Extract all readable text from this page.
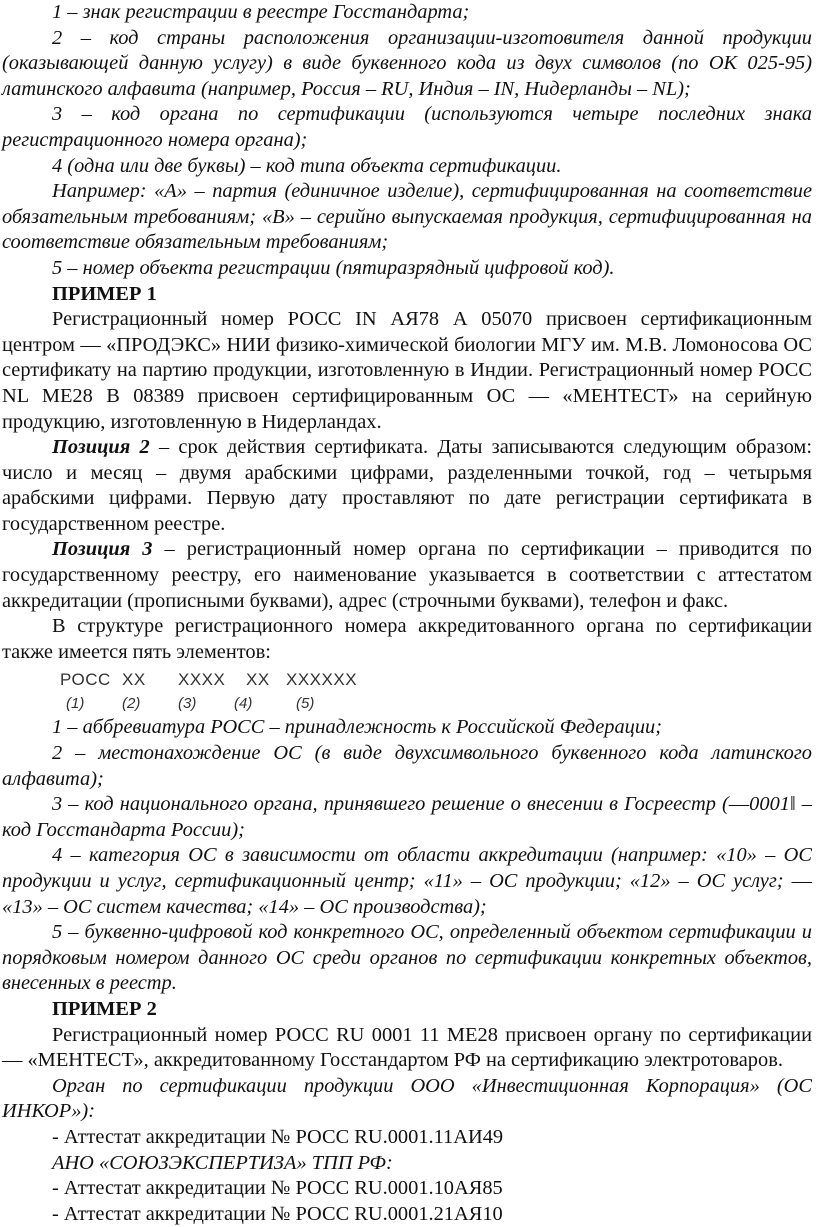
1 – знак регистрации в реестре Госстандарта;

2 – код страны расположения организации-изготовителя данной продукции (оказывающей данную услугу) в виде буквенного кода из двух символов (по ОК 025-95) латинского алфавита (например, Россия – RU, Индия – IN, Нидерланды – NL);

3 – код органа по сертификации (используются четыре последних знака регистрационного номера органа);

4 (одна или две буквы) – код типа объекта сертификации.

Например: «А» – партия (единичное изделие), сертифицированная на соответствие обязательным требованиям; «В» – серийно выпускаемая продукция, сертифицированная на соответствие обязательным требованиям;

5 – номер объекта регистрации (пятиразрядный цифровой код).

ПРИМЕР 1

Регистрационный номер РОСС IN АЯ78 А 05070 присвоен сертификационным центром — «ПРОДЭКС» НИИ физико-химической биологии МГУ им. М.В. Ломоносова ОС сертификату на партию продукции, изготовленную в Индии. Регистрационный номер РОСС NL МЕ28 В 08389 присвоен сертифицированным ОС — «МЕНТЕСТ» на серийную продукцию, изготовленную в Нидерландах.

Позиция 2 – срок действия сертификата. Даты записываются следующим образом: число и месяц – двумя арабскими цифрами, разделенными точкой, год – четырьмя арабскими цифрами. Первую дату проставляют по дате регистрации сертификата в государственном реестре.

Позиция 3 – регистрационный номер органа по сертификации – приводится по государственному реестру, его наименование указывается в соответствии с аттестатом аккредитации (прописными буквами), адрес (строчными буквами), телефон и факс.

В структуре регистрационного номера аккредитованного органа по сертификации также имеется пять элементов:

РОСС XX XXXX XX XXXXXX
(1)	(2)	(3)	(4)	(5)

1 – аббревиатура РОСС – принадлежность к Российской Федерации;

2 – местонахождение ОС (в виде двухсимвольного буквенного кода латинского алфавита);

3 – код национального органа, принявшего решение о внесении в Госреестр (―0001‖ – код Госстандарта России);

4 – категория ОС в зависимости от области аккредитации (например: «10» – ОС продукции и услуг, сертификационный центр; «11» – ОС продукции; «12» – ОС услуг; ― «13» – ОС систем качества; «14» – ОС производства);

5 – буквенно-цифровой код конкретного ОС, определенный объектом сертификации и порядковым номером данного ОС среди органов по сертификации конкретных объектов, внесенных в реестр.

ПРИМЕР 2

Регистрационный номер РОСС RU 0001 11 МЕ28 присвоен органу по сертификации ― «МЕНТЕСТ», аккредитованному Госстандартом РФ на сертификацию электротоваров.

Орган по сертификации продукции ООО «Инвестиционная Корпорация» (ОС ИНКОР»):

- Аттестат аккредитации № РОСС RU.0001.11АИ49

АНО «СОЮЗЭКСПЕРТИЗА» ТПП РФ:

- Аттестат аккредитации № РОСС RU.0001.10АЯ85

- Аттестат аккредитации № РОСС RU.0001.21АЯ10
